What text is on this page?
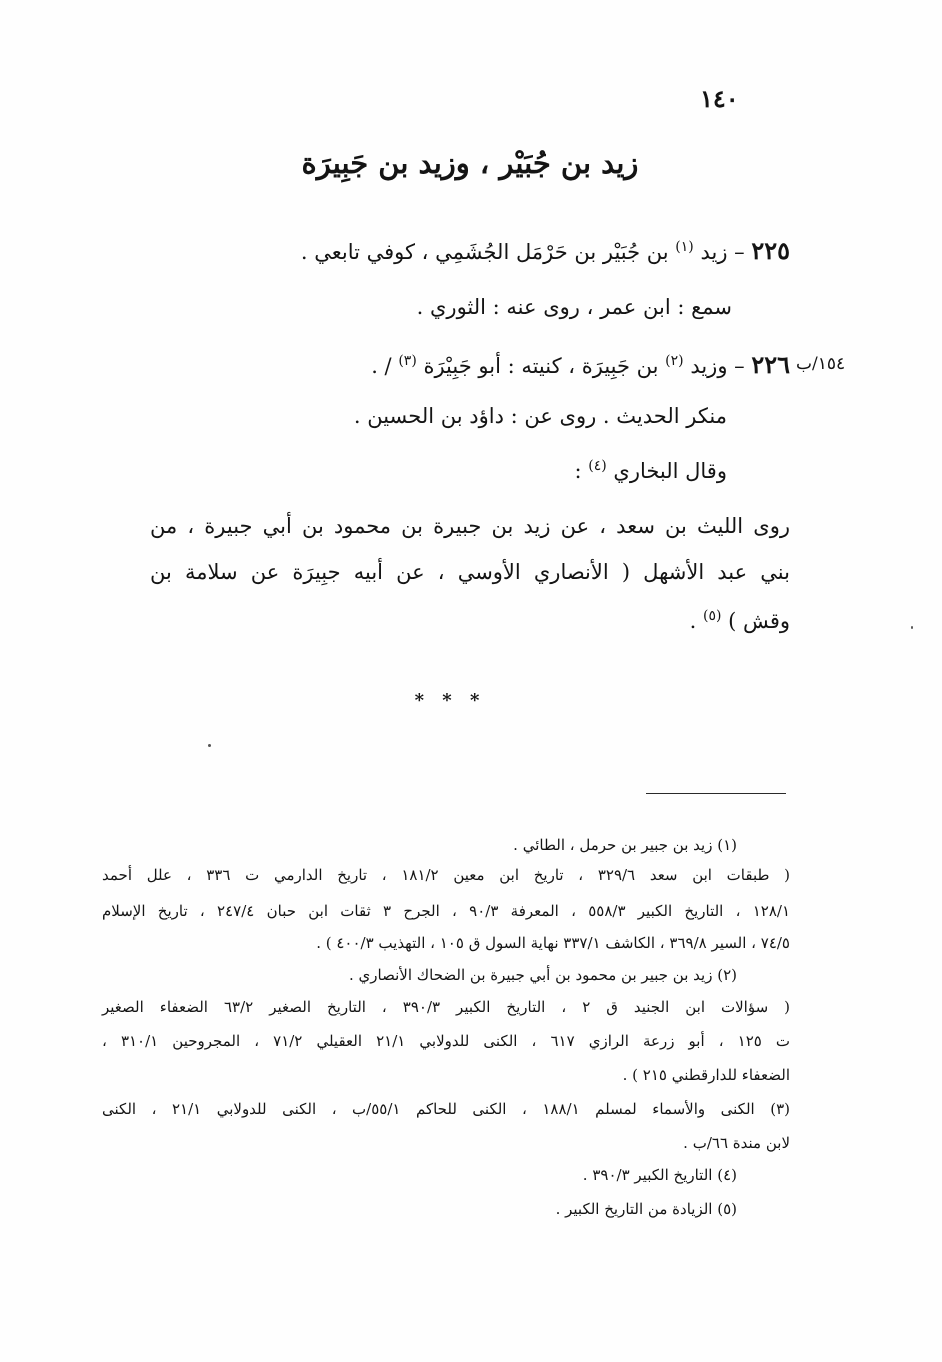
١٤٠
زيد بن جُبَيْر ، وزيد بن جَبِيرَة
٢٢٥ – زيد $^{(١)}$ بن جُبَيْر بن حَرْمَل الجُشَمِي ، كوفي تابعي .
سمع : ابن عمر ، روى عنه : الثوري .
١٥٤/ب
٢٢٦ – وزيد $^{(٢)}$ بن جَبِيرَة ، كنيته : أبو جَبِيْرَة $^{(٣)}$ / .
منكر الحديث . روى عن : داؤد بن الحسين .
وقال البخاري $^{(٤)}$ :
روى الليث بن سعد ، عن زيد بن جبيرة بن محمود بن أبي جبيرة ، من
بني عبد الأشهل ( الأنصاري الأوسي ، عن أبيه جبِيرَة عن سلامة بن
وقش ) $^{(٥)}$ .
* * *
(١) زيد بن جبير بن حرمل ، الطائي .
( طبقات ابن سعد ٣٢٩/٦ ، تاريخ ابن معين ١٨١/٢ ، تاريخ الدارمي ت ٣٣٦ ، علل أحمد
١٢٨/١ ، التاريخ الكبير ٥٥٨/٣ ، المعرفة ٩٠/٣ ، الجرح ٣ ثقات ابن حبان ٢٤٧/٤ ، تاريخ الإسلام
٧٤/٥ ، السير ٣٦٩/٨ ، الكاشف ٣٣٧/١ نهاية السول ق ١٠٥ ، التهذيب ٤٠٠/٣ ) .
(٢) زيد بن جبير بن محمود بن أبي جبيرة بن الضحاك الأنصاري .
( سؤالات ابن الجنيد ق ٢ ، التاريخ الكبير ٣٩٠/٣ ، التاريخ الصغير ٦٣/٢ الضعفاء الصغير
ت ١٢٥ ، أبو زرعة الرازي ٦١٧ ، الكنى للدولابي ٢١/١ العقيلي ٧١/٢ ، المجروحين ٣١٠/١ ،
الضعفاء للدارقطني ٢١٥ ) .
(٣) الكنى والأسماء لمسلم ١٨٨/١ ، الكنى للحاكم ٥٥/١/ب ، الكنى للدولابي ٢١/١ ، الكنى
لابن مندة ٦٦/ب .
(٤) التاريخ الكبير ٣٩٠/٣ .
(٥) الزيادة من التاريخ الكبير .
